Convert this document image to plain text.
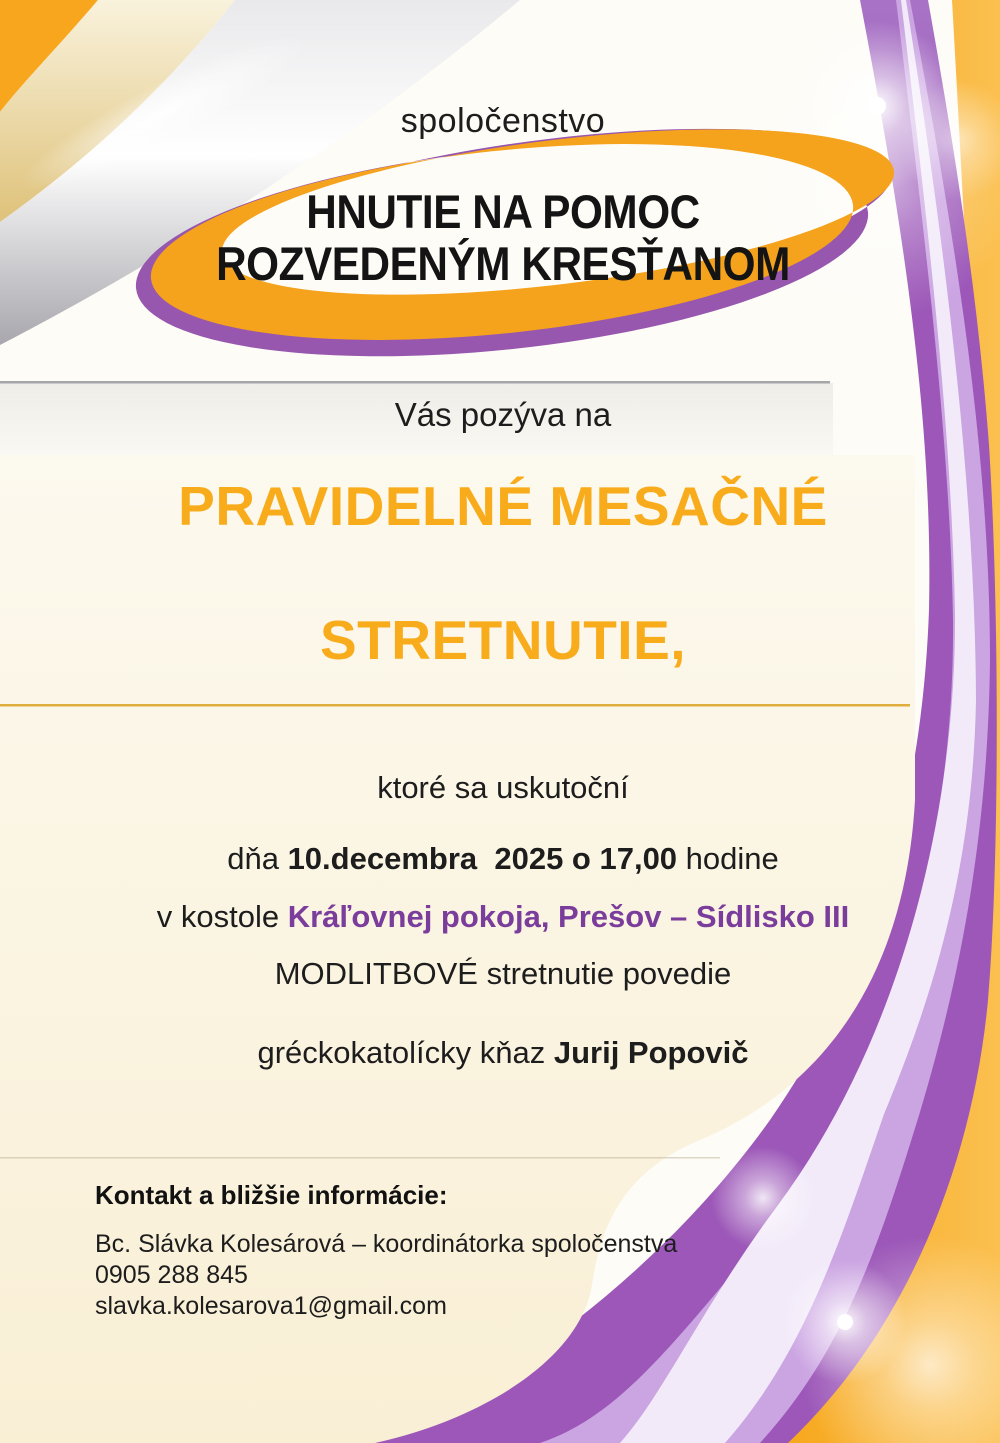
spoločenstvo
HNUTIE NA POMOC
ROZVEDENÝM KRESŤANOM
Vás pozýva na
PRAVIDELNÉ MESAČNÉ
STRETNUTIE,
ktoré sa uskutoční
dňa 10.decembra  2025 o 17,00 hodine
v kostole Kráľovnej pokoja, Prešov – Sídlisko III
MODLITBOVÉ stretnutie povedie
gréckokatolícky kňaz Jurij Popovič
Kontakt a bližšie informácie:
Bc. Slávka Kolesárová – koordinátorka spoločenstva
0905 288 845
slavka.kolesarova1@gmail.com
